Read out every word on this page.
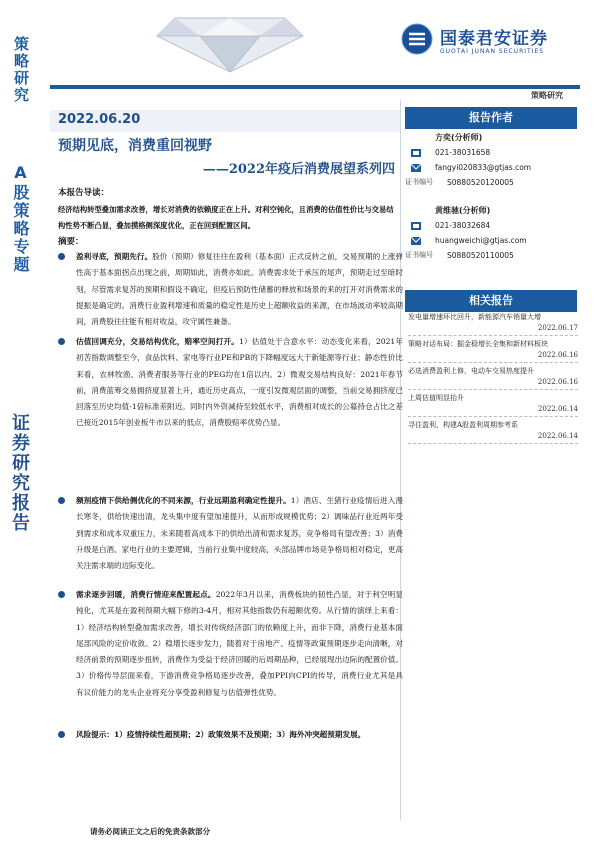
策略研究
A股策略专题
证券研究报告
国泰君安证券
GUOTAI JUNAN SECURITIES
策略研究
2022.06.20
预期见底，消费重回视野
——2022年疫后消费展望系列四
报告作者
方奕(分析师)
021-38031658
fangyi020833@gtjas.com
证书编号 S0880520120005
黄维驰(分析师)
021-38032684
huangweichi@gtjas.com
证书编号 S0880520110005
相关报告
发电量增速环比回升，新能源汽车销量大增
2022.06.17
策略对话布局：掘金稳增长全集和新材料板块
2022.06.16
必选消费盈利上修，电动车交易热度提升
2022.06.16
上周估值明显抬升
2022.06.14
寻往盈利，构建A股盈利周期参考系
2022.06.14
本报告导读：
经济结构转型叠加需求改善，增长对消费的依赖度正在上升。对利空钝化，且消费的估值性价比与交易结构性势不断凸显，叠加摸格侧深度优化，正在回到配置区间。
摘要：
盈利寻底，预期先行。股价（预期）修复往往在盈利（基本面）正式反转之前，交易预期的上涨弹性高于基本面拐点出现之前，周期如此，消费亦如此。消费需求处于承压的尾声，预期走过至暗时刻，尽管需求复苏的预期和假设不确定，但疫后预防性储蓄的释放和场景的来的打开对消费需求的提振是确定的。消费行业盈利增速和质量的稳定性是历史上超额收益的来源，在市场波动率较高期间，消费股往往能有相对收益，攻守属性兼备。
估值回调充分，交易结构优化，赔率空间打开。1）估值处于合意水平：动态变化来看，2021年初苦指数调整至今，食品饮料、家电等行业PE和PB的下降幅度远大于新能源等行业；静态性价比来看，农林牧渔、消费者服务等行业的PEG均在1倍以内。2）微观交易结构良好：2021年春节前，消费蓝筹交易拥挤度显著上升，通近历史高点，一度引发微观层面的调整，当前交易拥挤度已回落至历史均值-1倍标准差附近。同时内外资减持至较低水平，消费相对成长的公募持仓占比之差已接近2015年创业板牛市以来的低点，消费股赔率优势凸显。
频剂疫情下供给侧优化的不同来源，行业远期盈利确定性提升。1）酒店、生猪行业疫情后进入漫长寒冬，供给快速出清，龙头集中度有望加速提升，从而形成规模优势；2）调味品行业近两年受到需求和成本双重压力，未来随着高成本下的供给出清和需求复苏，竞争格局有望改善；3）消费升级是白酒、家电行业的主要逻辑，当前行业集中度较高，头部品牌市场竞争格局相对稳定，更高关注需求端的边际变化。
需求逐步回暖，消费行情迎来配置起点。2022年3月以来，消费板块的韧性凸显，对于利空明显钝化，尤其是在盈利预期大幅下修的3-4月，相对其他指数仍有超额优势。从行情的演绎上来看：1）经济结构转型叠加需求改善，增长对传统经济部门的依赖度上升，而非下降，消费行业基本面尾部风险的定价收敛。2）稳增长逐步发力，随着对于房地产、疫情等政策预期逐步走向清晰，对经济前景的预期逐步扭转，消费作为受益于经济回暖的后周期品种，已经展现出边际的配置价值。3）价格传导层面来看，下游消费竞争格局逐步改善，叠加PPI向CPI的传导，消费行业尤其是具有议价能力的龙头企业将充分享受盈利修复与估值弹性优势。
风险提示：1）疫情持续性超预期；2）政策效果不及预期；3）海外冲突超预期发展。
请务必阅读正文之后的免责条款部分
